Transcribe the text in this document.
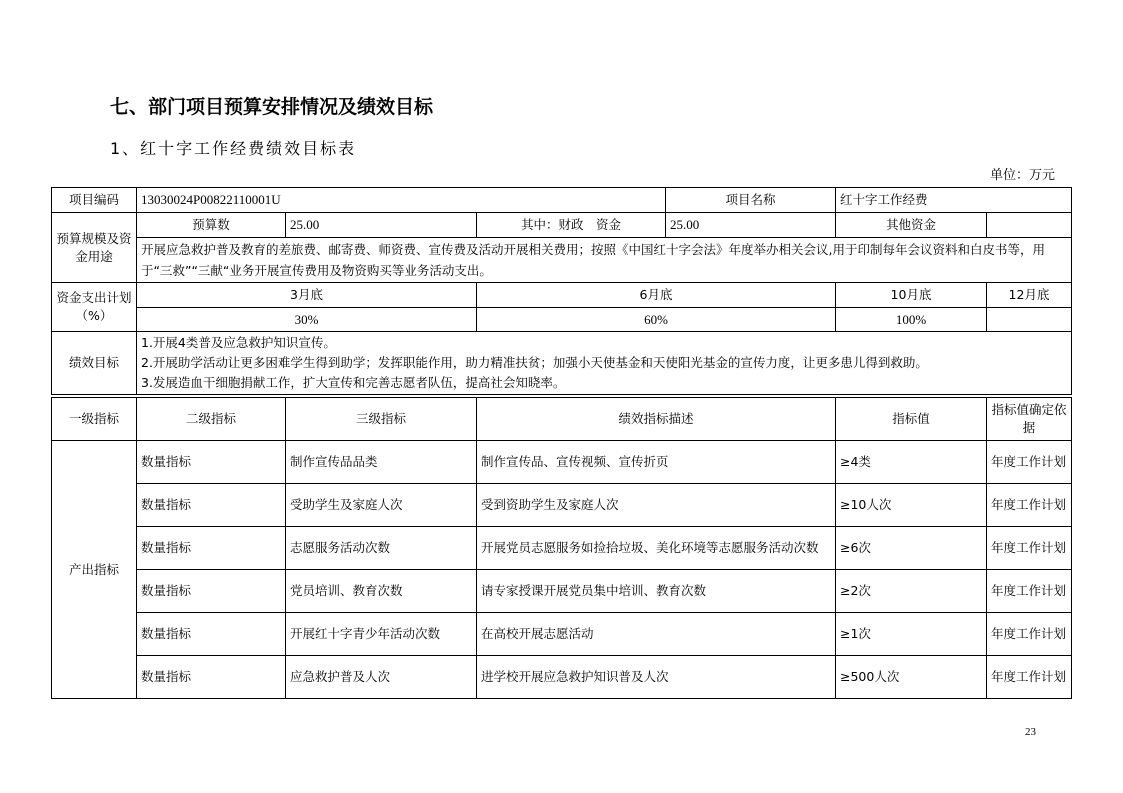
七、部门项目预算安排情况及绩效目标
1、红十字工作经费绩效目标表
单位：万元
项目编码	13030024P00822110001U			项目名称	红十字工作经费	
预算规模及资金用途	预算数	25.00	其中：财政　资金	25.00	其他资金	
	开展应急救护普及教育的差旅费、邮寄费、师资费、宣传费及活动开展相关费用；按照《中国红十字会法》年度举办相关会议,用于印制每年会议资料和白皮书等，用于“三救”“三献“业务开展宣传费用及物资购买等业务活动支出。					
资金支出计划（%）	3月底		6月底		10月底	12月底
	30%		60%		100%	
绩效目标	1.开展4类普及应急救护知识宣传。
2.开展助学活动让更多困难学生得到助学；发挥职能作用，助力精准扶贫；加强小天使基金和天使阳光基金的宣传力度，让更多患儿得到救助。
3.发展造血干细胞捐献工作，扩大宣传和完善志愿者队伍，提高社会知晓率。					
一级指标	二级指标	三级指标	绩效指标描述	指标值	指标值确定依据
产出指标	数量指标	制作宣传品品类	制作宣传品、宣传视频、宣传折页	≥4类	年度工作计划
	数量指标	受助学生及家庭人次	受到资助学生及家庭人次	≥10人次	年度工作计划
	数量指标	志愿服务活动次数	开展党员志愿服务如捡拾垃圾、美化环境等志愿服务活动次数	≥6次	年度工作计划
	数量指标	党员培训、教育次数	请专家授课开展党员集中培训、教育次数	≥2次	年度工作计划
	数量指标	开展红十字青少年活动次数	在高校开展志愿活动	≥1次	年度工作计划
	数量指标	应急救护普及人次	进学校开展应急救护知识普及人次	≥500人次	年度工作计划
23
